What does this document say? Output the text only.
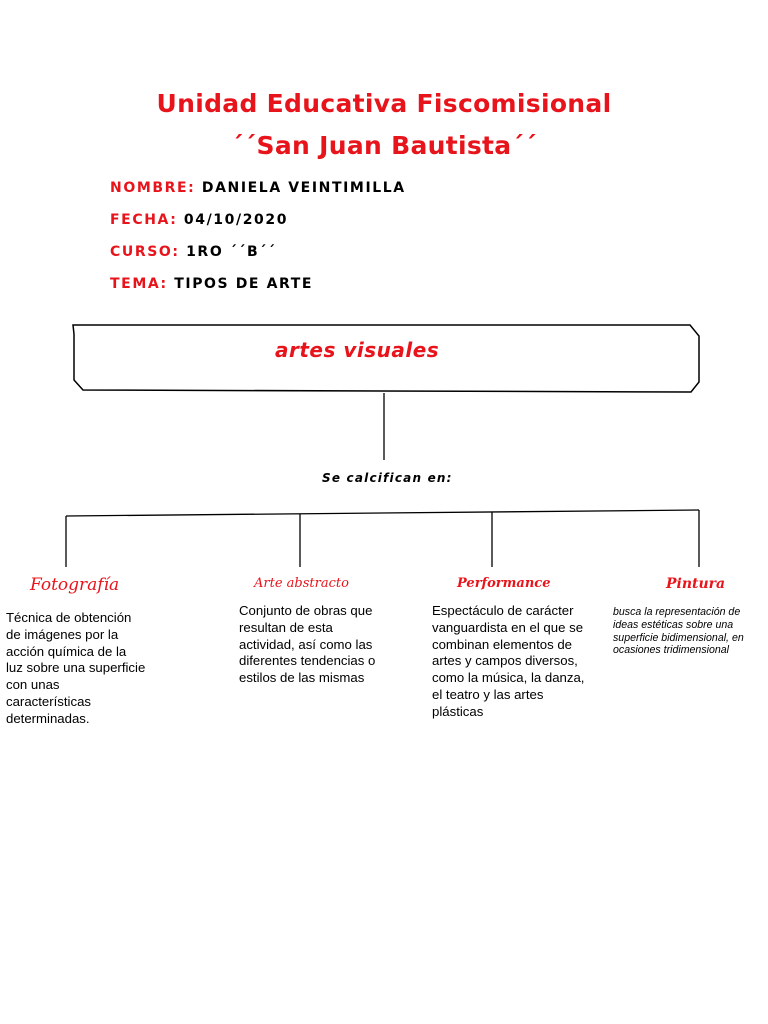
Unidad Educativa Fiscomisional
´´San Juan Bautista´´
NOMBRE: DANIELA VEINTIMILLA
FECHA: 04/10/2020
CURSO: 1RO ´´B´´
TEMA: TIPOS DE ARTE
artes visuales
Se calcifican en:
Fotografía	Arte abstracto	Performance	Pintura
Técnica de obtención de imágenes por la acción química de la luz sobre una superficie con unas características determinadas.
Conjunto de obras que resultan de esta actividad, así como las diferentes tendencias o estilos de las mismas
Espectáculo de carácter vanguardista en el que se combinan elementos de artes y campos diversos, como la música, la danza, el teatro y las artes plásticas
busca la representación de ideas estéticas sobre una superficie bidimensional, en ocasiones tridimensional
